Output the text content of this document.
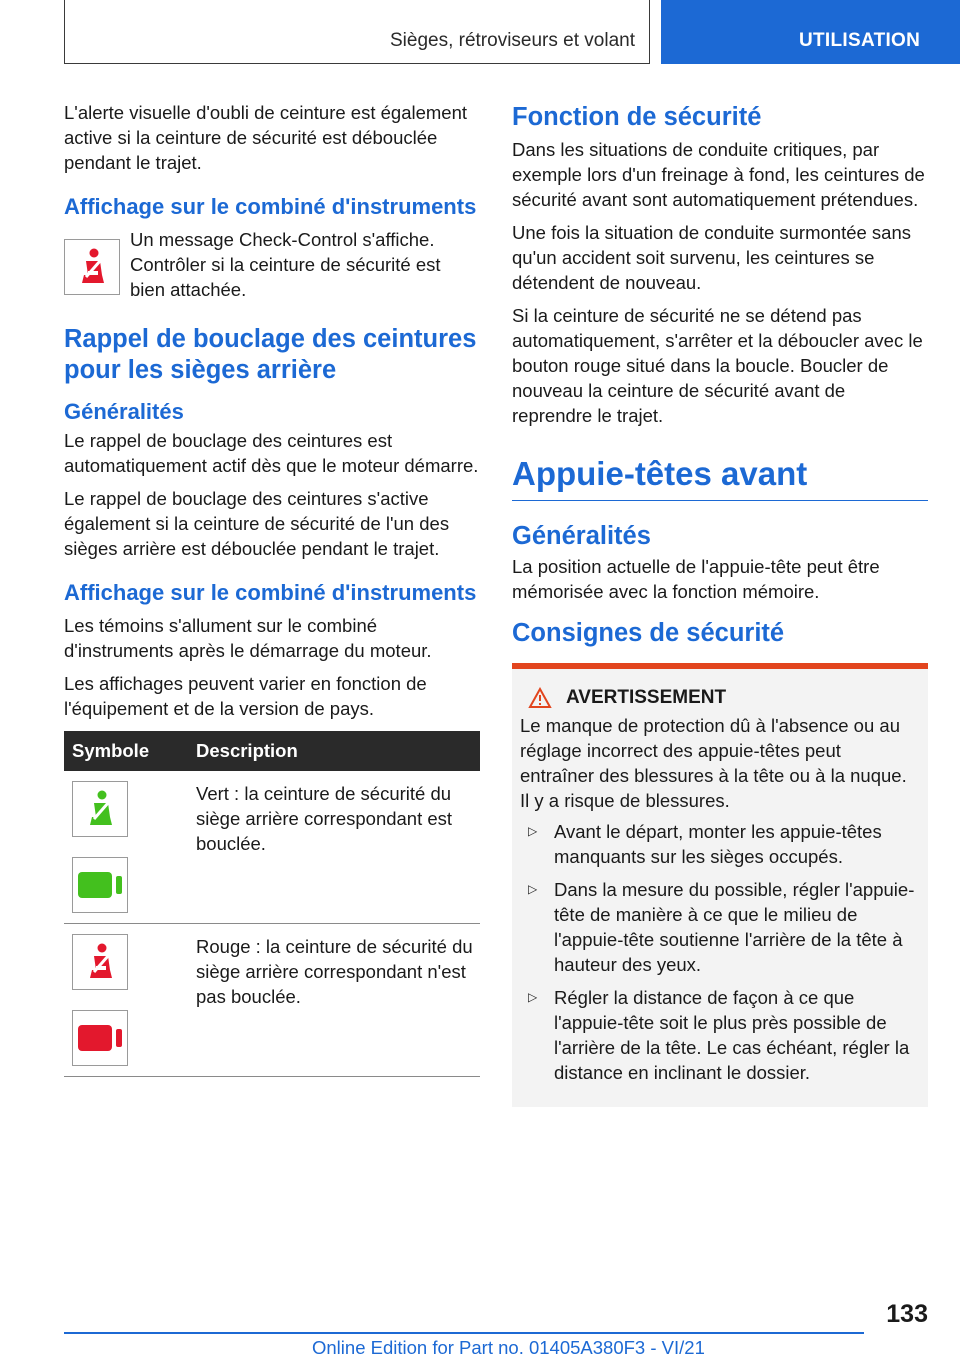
Sièges, rétroviseurs et volant	UTILISATION

L'alerte visuelle d'oubli de ceinture est également active si la ceinture de sécurité est débouclée pendant le trajet.

Affichage sur le combiné d'instruments

Un message Check-Control s'affiche. Contrôler si la ceinture de sécurité est bien attachée.

Rappel de bouclage des ceintures pour les sièges arrière
Généralités

Le rappel de bouclage des ceintures est automatiquement actif dès que le moteur démarre.

Le rappel de bouclage des ceintures s'active également si la ceinture de sécurité de l'un des sièges arrière est débouclée pendant le trajet.

Affichage sur le combiné d'instruments

Les témoins s'allument sur le combiné d'instruments après le démarrage du moteur.

Les affichages peuvent varier en fonction de l'équipement et de la version de pays.

Symbole	Description
Vert : la ceinture de sécurité du siège arrière correspondant est bouclée.
Rouge : la ceinture de sécurité du siège arrière correspondant n'est pas bouclée.
Fonction de sécurité

Dans les situations de conduite critiques, par exemple lors d'un freinage à fond, les ceintures de sécurité avant sont automatiquement prétendues.

Une fois la situation de conduite surmontée sans qu'un accident soit survenu, les ceintures se détendent de nouveau.

Si la ceinture de sécurité ne se détend pas automatiquement, s'arrêter et la déboucler avec le bouton rouge situé dans la boucle. Boucler de nouveau la ceinture de sécurité avant de reprendre le trajet.

Appuie-têtes avant
Généralités

La position actuelle de l'appuie-tête peut être mémorisée avec la fonction mémoire.

Consignes de sécurité
AVERTISSEMENT

Le manque de protection dû à l'absence ou au réglage incorrect des appuie-têtes peut entraîner des blessures à la tête ou à la nuque. Il y a risque de blessures.

▷ Avant le départ, monter les appuie-têtes manquants sur les sièges occupés.
▷ Dans la mesure du possible, régler l'appuie-tête de manière à ce que le milieu de l'appuie-tête soutienne l'arrière de la tête à hauteur des yeux.
▷ Régler la distance de façon à ce que l'appuie-tête soit le plus près possible de l'arrière de la tête. Le cas échéant, régler la distance en inclinant le dossier.
133
Online Edition for Part no. 01405A380F3 - VI/21
